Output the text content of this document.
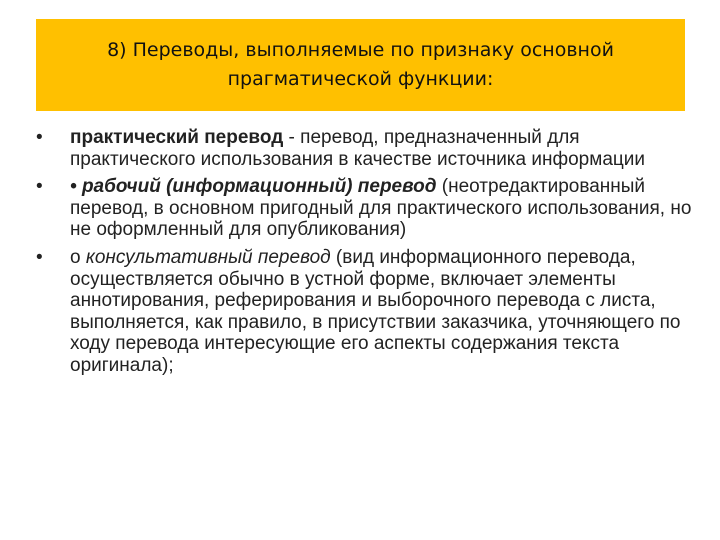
8) Переводы, выполняемые по признаку основной прагматической функции:
•	практический перевод - перевод, предназначенный для практического использования в качестве источника информации
•	• рабочий (информационный) перевод (неотредактированный перевод, в основном пригодный для практического использования, но не оформленный для опубликования)
•	o консультативный перевод (вид информационного перевода, осуществляется обычно в устной форме, включает элементы аннотирования, реферирования и выборочного перевода с листа, выполняется, как правило, в присутствии заказчика, уточняющего по ходу перевода интересующие его аспекты содержания текста оригинала);
